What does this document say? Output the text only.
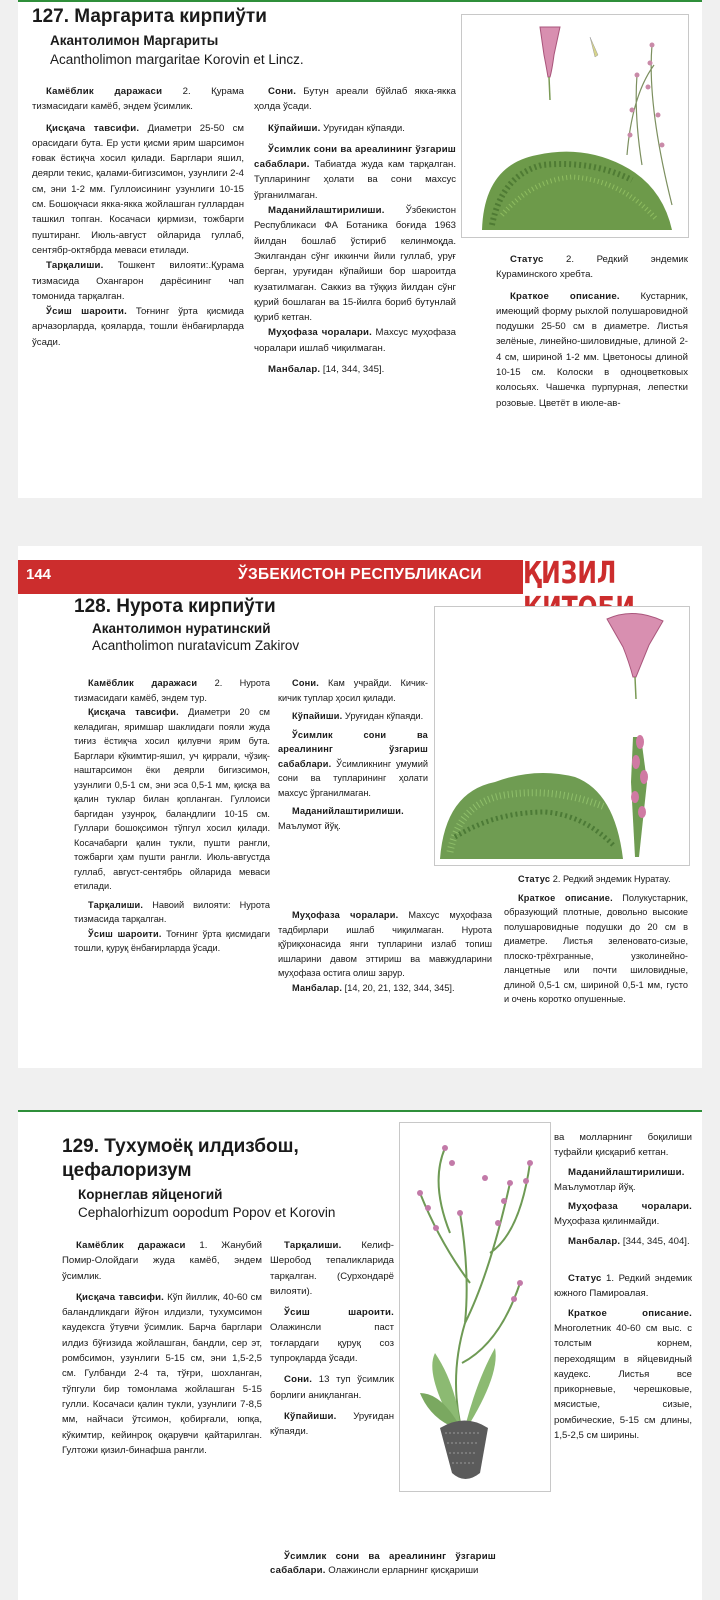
127. Маргарита кирпиўти
Акантолимон Маргариты
Acantholimon margaritae Korovin et Lincz.

Камёблик даражаси 2. Қурама тизмасидаги камёб, эндем ўсимлик.

Қисқача тавсифи. Диаметри 25-50 см орасидаги бута. Ер усти қисми ярим шарсимон ғовак ёстиқча хосил қилади. Барглари яшил, деярли текис, қалами-бигизсимон, узунлиги 2-4 см, эни 1-2 мм. Гуллоисининг узунлиги 10-15 см. Бошоқчаси якка-якка жойлашган гуллардан ташкил топган. Косачаси қирмизи, тожбарги пуштиранг. Июль-август ойларида гуллаб, сентябр-октябрда меваси етилади.

Тарқалиши. Тошкент вилояти:.Қурама тизмасида Охангарон дарёсининг чап томонида тарқалган.

Ўсиш шароити. Тоғнинг ўрта қисмида арчазорларда, қояларда, тошли ёнбағирларда ўсади.

Сони. Бутун ареали бўйлаб якка-якка ҳолда ўсади.

Кўпайиши. Уруғидан кўпаяди.

Ўсимлик сони ва ареалининг ўзгариш сабаблари. Табиатда жуда кам тарқалган. Тупларининг ҳолати ва сони махсус ўрганилмаган.

Маданийлаштирилиши. Ўзбекистон Республикаси ФА Ботаника боғида 1963 йилдан бошлаб ўстириб келинмоқда. Экилгандан сўнг иккинчи йили гуллаб, уруғ берган, уруғидан кўпайиши бор шароитда кузатилмаган. Саккиз ва тўққиз йилдан сўнг қурий бошлаган ва 15-йилга бориб бутунлай қуриб кетган.

Муҳофаза чоралари. Махсус муҳофаза чоралари ишлаб чиқилмаган.

Манбалар. [14, 344, 345].

Статус 2. Редкий эндемик Кураминского хребта.

Краткое описание. Кустарник, имеющий форму рыхлой полушаровидной подушки 25-50 см в диаметре. Листья зелёные, линейно-шиловидные, длиной 2-4 см, шириной 1-2 мм. Цветоносы длиной 10-15 см. Колоски в одноцветковых колосьях. Чашечка пурпурная, лепестки розовые. Цветёт в июле-ав-

144	ЎЗБЕКИСТОН РЕСПУБЛИКАСИ ҚИЗИЛ
128. Нурота кирпиўти
Акантолимон нуратинский
Acantholimon nuratavicum Zakirov

Камёблик даражаси 2. Нурота тизмасидаги камёб, эндем тур.

Қисқача тавсифи. Диаметри 20 см келадиган, яримшар шаклидаги пояли жуда тиғиз ёстиқча хосил қилувчи ярим бута. Барглари кўкимтир-яшил, уч қиррали, чўзиқ-наштарсимон ёки деярли бигизсимон, узунлиги 0,5-1 см, эни эса 0,5-1 мм, қисқа ва қалин туклар билан қопланган. Гуллоиси баргидан узунроқ, баландлиги 10-15 см. Гуллари бошоқсимон тўпгул хосил қилади. Косачабарги қалин тукли, пушти рангли, тожбарги ҳам пушти рангли. Июль-августда гуллаб, август-сентябрь ойларида меваси етилади.

Тарқалиши. Навоий вилояти: Нурота тизмасида тарқалган.

Ўсиш шароити. Тоғнинг ўрта қисмидаги тошли, қуруқ ёнбағирларда ўсади.

Сони. Кам учрайди. Кичик-кичик туплар ҳосил қилади.

Кўпайиши. Уруғидан кўпаяди.

Ўсимлик сони ва ареалининг ўзгариш сабаблари. Ўсимликнинг умумий сони ва тупларининг ҳолати махсус ўрганилмаган.

Маданийлаштирилиши. Маълумот йўқ.

Муҳофаза чоралари. Махсус муҳофаза тадбирлари ишлаб чиқилмаган. Нурота қўриқхонасида янги тупларини излаб топиш ишларини давом эттириш ва мавжудларини муҳофаза остига олиш зарур.

Манбалар. [14, 20, 21, 132, 344, 345].

Статус 2. Редкий эндемик Нуратау.

Краткое описание. Полукустарник, образующий плотные, довольно высокие полушаровидные подушки до 20 см в диаметре. Листья зеленовато-сизые, плоско-трёхгранные, узколинейно-ланцетные или почти шиловидные, длиной 0,5-1 см, шириной 0,5-1 мм, густо и очень коротко опушенные.

129. Тухумоёқ илдизбош,
цефалоризум
Корнеглав яйценогий
Cephalorhizum oopodum Popov et Korovin

Камёблик даражаси 1. Жанубий Помир-Олойдаги жуда камёб, эндем ўсимлик.

Қисқача тавсифи. Кўп йиллик, 40-60 см баландликдаги йўғон илдизли, тухумсимон каудексга ўтувчи ўсимлик. Барча барглари илдиз бўғизида жойлашган, бандли, сер эт, ромбсимон, узунлиги 5-15 см, эни 1,5-2,5 см. Гулбанди 2-4 та, тўғри, шохланган, тўпгули бир томонлама жойлашган 5-15 гулли. Косачаси қалин тукли, узунлиги 7-8,5 мм, найчаси ўтсимон, қобирғали, юпқа, кўкимтир, кейинроқ оқарувчи қайтарилган. Гултожи қизил-бинафша рангли.

Тарқалиши. Келиф-Шеробод тепаликларида тарқалган. (Сурхондарё вилояти).

Ўсиш шароити. Олажинсли паст тоғлардаги қуруқ соз тупроқларда ўсади.

Сони. 13 туп ўсимлик борлиги аниқланган.

Кўпайиши. Уруғидан кўпаяди.

Ўсимлик сони ва ареалининг ўзгариш сабаблари. Олажинсли ерларнинг қисқариши

ва молларнинг боқилиши туфайли қисқариб кетган.

Маданийлаштирилиши. Маълумотлар йўқ.

Муҳофаза чоралари. Муҳофаза қилинмайди.

Манбалар. [344, 345, 404].

Статус 1. Редкий эндемик южного Памироалая.

Краткое описание. Многолетник 40-60 см выс. с толстым корнем, переходящим в яйцевидный каудекс. Листья все прикорневые, черешковые, мясистые, сизые, ромбические, 5-15 см длины, 1,5-2,5 см ширины.
